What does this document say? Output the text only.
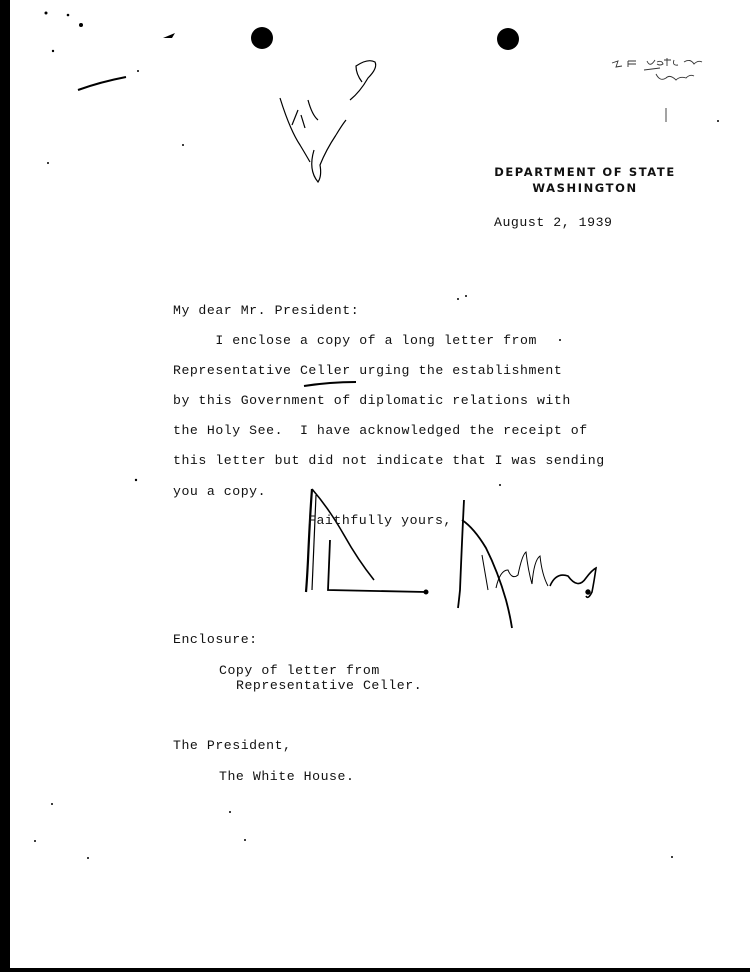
DEPARTMENT OF STATE
WASHINGTON
August 2, 1939
My dear Mr. President:
I enclose a copy of a long letter from
Representative Celler urging the establishment
by this Government of diplomatic relations with
the Holy See.  I have acknowledged the receipt of
this letter but did not indicate that I was sending
you a copy.
Faithfully yours,
Enclosure:
Copy of letter from
Representative Celler.
The President,
The White House.
